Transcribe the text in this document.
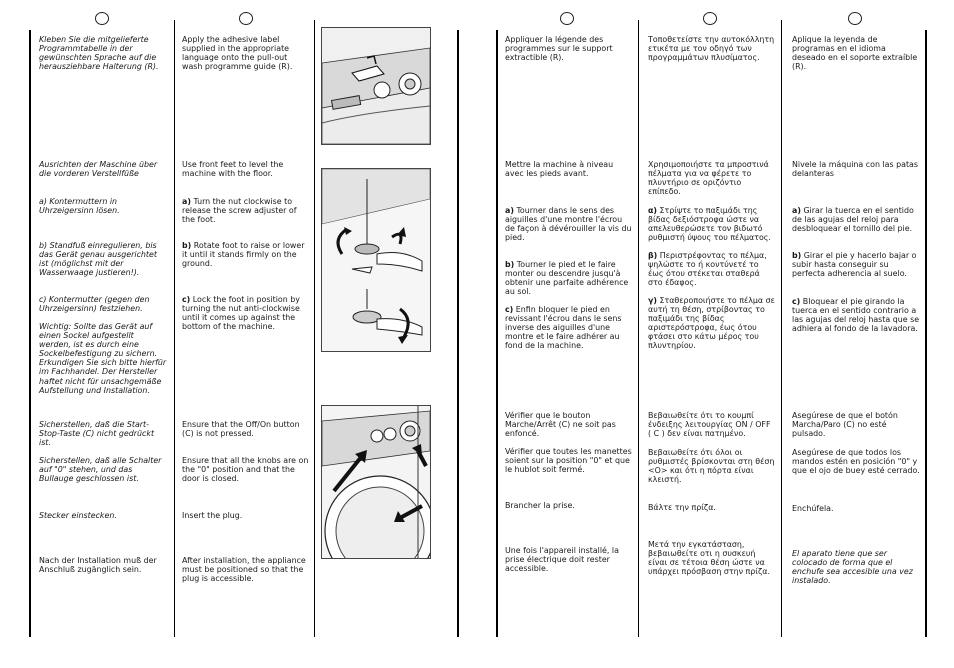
Kleben Sie die mitgelieferte Programmtabelle in der gewünschten Sprache auf die herausziehbare Halterung (R).

Ausrichten der Maschine über die vorderen Verstellfüße

a) Kontermuttern in Uhrzeigersinn lösen.

b) Standfuß einregulieren, bis das Gerät genau ausgerichtet ist (möglichst mit der Wasserwaage justieren!).

c) Kontermutter (gegen den Uhrzeigersinn) festziehen.

Wichtig: Sollte das Gerät auf einen Sockel aufgestellt werden, ist es durch eine Sockelbefestigung zu sichern. Erkundigen Sie sich bitte hierfür im Fachhandel. Der Hersteller haftet nicht für unsachgemäße Aufstellung und Installation.

Sicherstellen, daß die Start-Stop-Taste (C) nicht gedrückt ist.

Sicherstellen, daß alle Schalter auf "0" stehen, und das Bullauge geschlossen ist.

Stecker einstecken.

Nach der Installation muß der Anschluß zugänglich sein.

Apply the adhesive label supplied in the appropriate language onto the pull-out wash programme guide (R).

Use front feet to level the machine with the floor.

a) Turn the nut clockwise to release the screw adjuster of the foot.

b) Rotate foot to raise or lower it until it stands firmly on the ground.

c) Lock the foot in position by turning the nut anti-clockwise until it comes up against the bottom of the machine.

Ensure that the Off/On button (C) is not pressed.

Ensure that all the knobs are on the "0" position and that the door is closed.

Insert the plug.

After installation, the appliance must be positioned so that the plug is accessible.

Appliquer la légende des programmes sur le support extractible (R).

Mettre la machine à niveau avec les pieds avant.

a) Tourner dans le sens des aiguilles d'une montre l'écrou de façon à dévérouiller la vis du pied.

b) Tourner le pied et le faire monter ou descendre jusqu'à obtenir une parfaite adhérence au sol.

c) Enfin bloquer le pied en revissant l'écrou dans le sens inverse des aiguilles d'une montre et le faire adhérer au fond de la machine.

Vérifier que le bouton Marche/Arrêt (C) ne soit pas enfoncé.

Vérifier que toutes les manettes soient sur la position "0" et que le hublot soit fermé.

Brancher la prise.

Une fois l'appareil installé, la prise électrique doit rester accessible.

Τοποθετείστε την αυτοκόλλητη ετικέτα με τον οδηγό των προγραμμάτων πλυσίματος.

Χρησιμοποιήστε τα μπροστινά πέλματα για να φέρετε το πλυντήριο σε οριζόντιο επίπεδο.

α) Στρίψτε το παξιμάδι της βίδας δεξιόστροφα ώστε να απελευθερώσετε τον βιδωτό ρυθμιστή ύψους του πέλματος.

β) Περιστρέφοντας το πέλμα, ψηλώστε το ή κοντύνετέ το έως ότου στέκεται σταθερά στο έδαφος.

γ) Σταθεροποιήστε το πέλμα σε αυτή τη θέση, στρίβοντας το παξιμάδι της βίδας αριστερόστροφα, έως ότου φτάσει στο κάτω μέρος του πλυντηρίου.

Βεβαιωθείτε ότι το κουμπί ένδειξης λειτουργίας ON / OFF ( C ) δεν είναι πατημένο.

Βεβαιωθείτε ότι όλοι οι ρυθμιστές βρίσκονται στη θέση <O> και ότι η πόρτα είναι κλειστή.

Βάλτε την πρίζα.

Μετά την εγκατάσταση, βεβαιωθείτε οτι η συσκευή είναι σε τέτοια θέση ώστε να υπάρχει πρόσβαση στην πρίζα.

Aplique la leyenda de programas en el idioma deseado en el soporte extraíble (R).

Nivele la máquina con las patas delanteras

a) Girar la tuerca en el sentido de las agujas del reloj para desbloquear el tornillo del pie.

b) Girar el pie y hacerlo bajar o subir hasta conseguir su perfecta adherencia al suelo.

c) Bloquear el pie girando la tuerca en el sentido contrario a las agujas del reloj hasta que se adhiera al fondo de la lavadora.

Asegúrese de que el botón Marcha/Paro (C) no esté pulsado.

Asegúrese de que todos los mandos estén en posición "0" y que el ojo de buey esté cerrado.

Enchúfela.

El aparato tiene que ser colocado de forma que el enchufe sea accesible una vez instalado.
